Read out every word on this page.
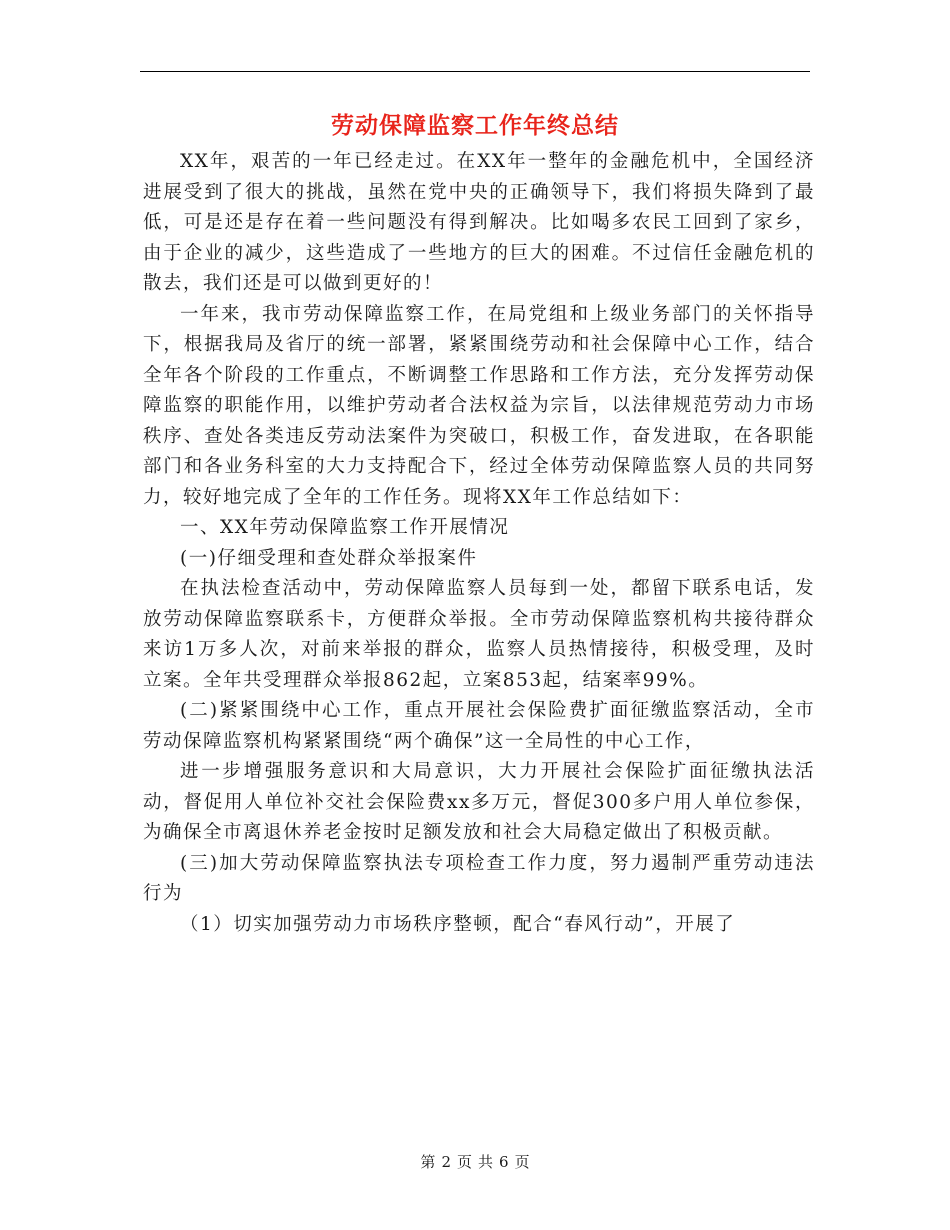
劳动保障监察工作年终总结

XX年，艰苦的一年已经走过。在XX年一整年的金融危机中，全国经济进展受到了很大的挑战，虽然在党中央的正确领导下，我们将损失降到了最低，可是还是存在着一些问题没有得到解决。比如喝多农民工回到了家乡，由于企业的减少，这些造成了一些地方的巨大的困难。不过信任金融危机的散去，我们还是可以做到更好的！

一年来，我市劳动保障监察工作，在局党组和上级业务部门的关怀指导下，根据我局及省厅的统一部署，紧紧围绕劳动和社会保障中心工作，结合全年各个阶段的工作重点，不断调整工作思路和工作方法，充分发挥劳动保障监察的职能作用，以维护劳动者合法权益为宗旨，以法律规范劳动力市场秩序、查处各类违反劳动法案件为突破口，积极工作，奋发进取，在各职能部门和各业务科室的大力支持配合下，经过全体劳动保障监察人员的共同努力，较好地完成了全年的工作任务。现将XX年工作总结如下：

一、XX年劳动保障监察工作开展情况

(一)仔细受理和查处群众举报案件

在执法检查活动中，劳动保障监察人员每到一处，都留下联系电话，发放劳动保障监察联系卡，方便群众举报。全市劳动保障监察机构共接待群众来访1万多人次，对前来举报的群众，监察人员热情接待，积极受理，及时立案。全年共受理群众举报862起，立案853起，结案率99%。

(二)紧紧围绕中心工作，重点开展社会保险费扩面征缴监察活动，全市劳动保障监察机构紧紧围绕“两个确保”这一全局性的中心工作，

进一步增强服务意识和大局意识，大力开展社会保险扩面征缴执法活动，督促用人单位补交社会保险费xx多万元，督促300多户用人单位参保，为确保全市离退休养老金按时足额发放和社会大局稳定做出了积极贡献。

(三)加大劳动保障监察执法专项检查工作力度，努力遏制严重劳动违法行为

（1）切实加强劳动力市场秩序整顿，配合“春风行动”，开展了

第 2 页 共 6 页
